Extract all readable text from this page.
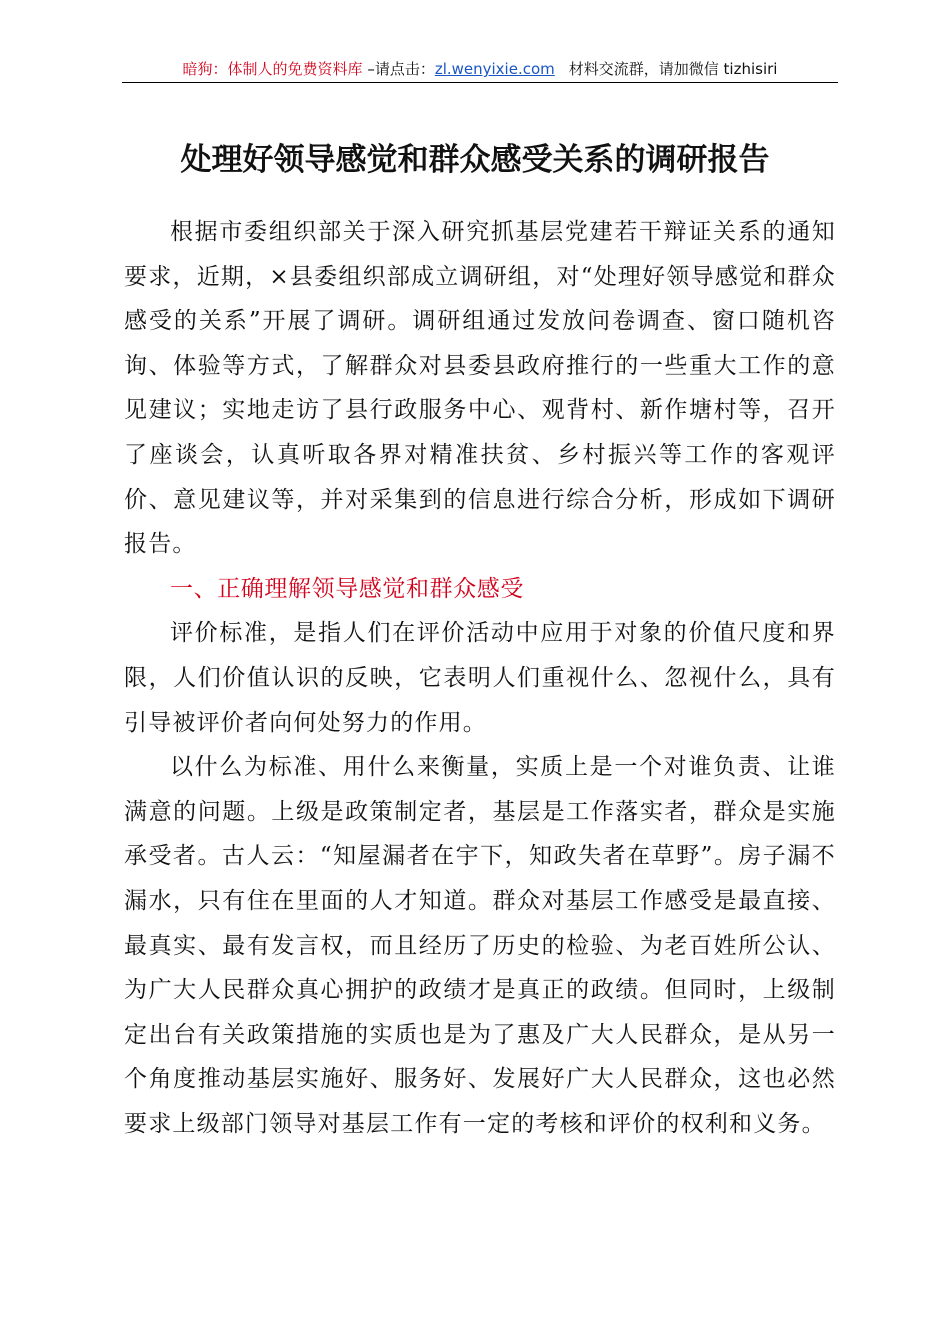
暗狗：体制人的免费资料库 –请点击：zl.wenyixie.com 材料交流群，请加微信 tizhisiri
处理好领导感觉和群众感受关系的调研报告

根据市委组织部关于深入研究抓基层党建若干辩证关系的通知要求，近期，×县委组织部成立调研组，对“处理好领导感觉和群众感受的关系”开展了调研。调研组通过发放问卷调查、窗口随机咨询、体验等方式，了解群众对县委县政府推行的一些重大工作的意见建议；实地走访了县行政服务中心、观背村、新作塘村等，召开了座谈会，认真听取各界对精准扶贫、乡村振兴等工作的客观评价、意见建议等，并对采集到的信息进行综合分析，形成如下调研报告。

一、正确理解领导感觉和群众感受

评价标准，是指人们在评价活动中应用于对象的价值尺度和界限，人们价值认识的反映，它表明人们重视什么、忽视什么，具有引导被评价者向何处努力的作用。

以什么为标准、用什么来衡量，实质上是一个对谁负责、让谁满意的问题。上级是政策制定者，基层是工作落实者，群众是实施承受者。古人云：“知屋漏者在宇下，知政失者在草野”。房子漏不漏水，只有住在里面的人才知道。群众对基层工作感受是最直接、最真实、最有发言权，而且经历了历史的检验、为老百姓所公认、为广大人民群众真心拥护的政绩才是真正的政绩。但同时，上级制定出台有关政策措施的实质也是为了惠及广大人民群众，是从另一个角度推动基层实施好、服务好、发展好广大人民群众，这也必然要求上级部门领导对基层工作有一定的考核和评价的权利和义务。
